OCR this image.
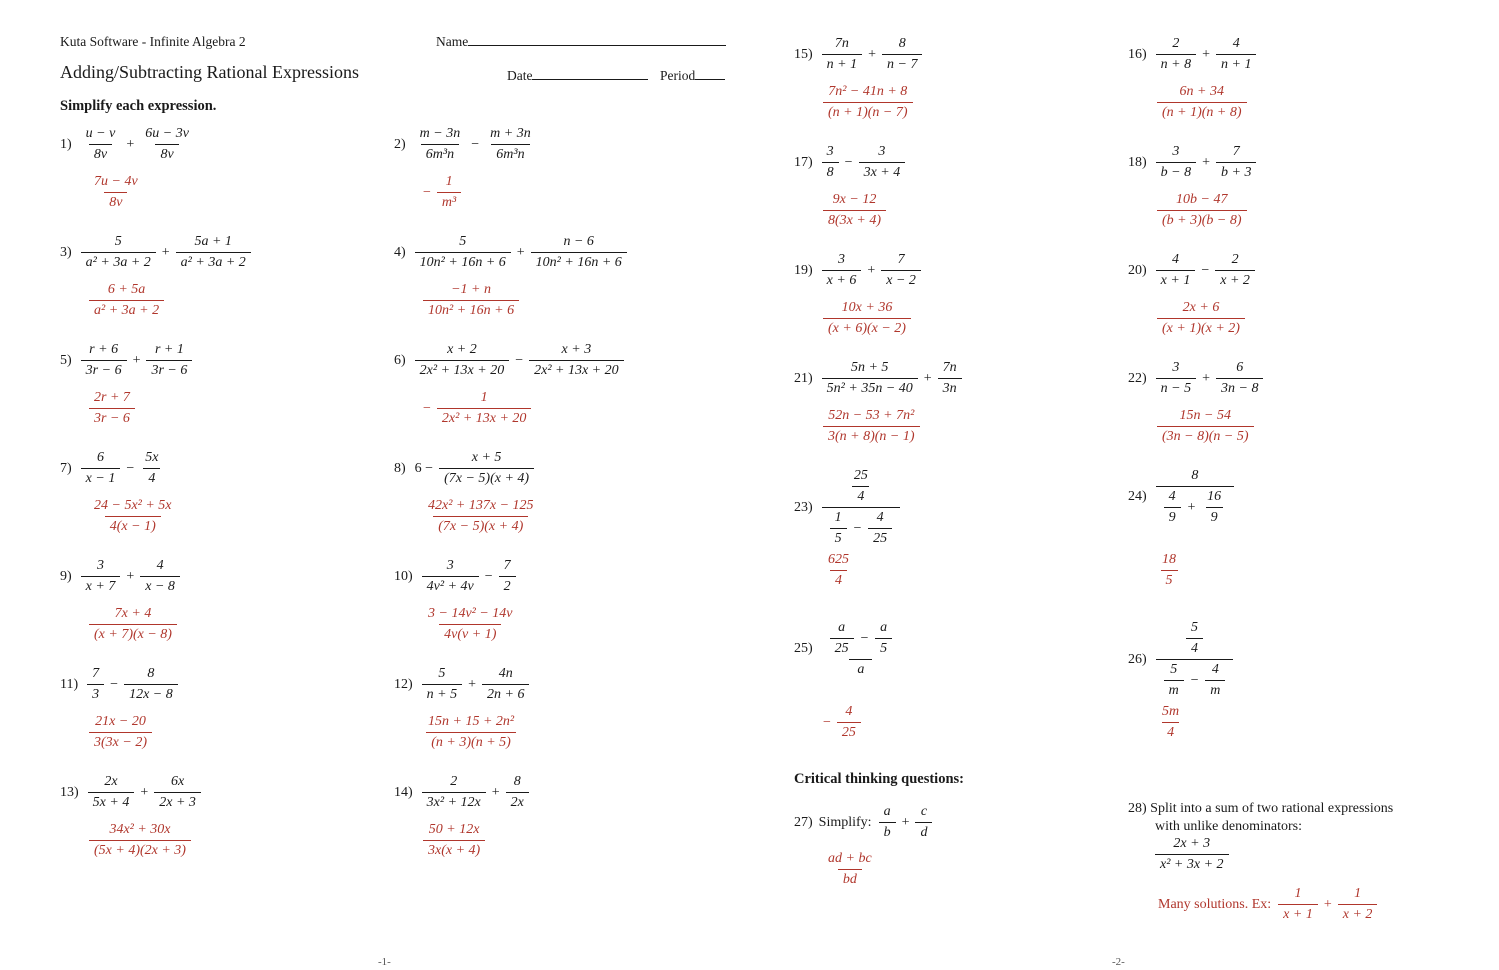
Kuta Software - Infinite Algebra 2	Name
Adding/Subtracting Rational Expressions	Date	Period
Simplify each expression.
$1) \frac{u - v}{8v} + \frac{6u - 3v}{8v}$
$\frac{7u - 4v}{8v}$
$2) \frac{m - 3n}{\text{6m³n}} - \frac{m + 3n}{\text{6m³n}}$
− $\frac{1}{\text{m³}}$
$3) \frac{5}{\text{a² + 3a + 2}} + \frac{5a + 1}{\text{a² + 3a + 2}}$
$\frac{6 + 5a}{\text{a² + 3a + 2}}$
$4) \frac{5}{\text{10n² + 16n + 6}} + \frac{n - 6}{\text{10n² + 16n + 6}}$
$\frac{-1 + n}{\text{10n² + 16n + 6}}$
$5) \frac{r + 6}{3r - 6} + \frac{r + 1}{3r - 6}$
$\frac{2r + 7}{3r - 6}$
$6) \frac{x + 2}{\text{2x² + 13x + 20}} - \frac{x + 3}{\text{2x² + 13x + 20}}$
− $\frac{1}{\text{2x² + 13x + 20}}$
$7) \frac{6}{x - 1} - \frac{5x}{4}$
$\frac{\text{24 − 5x² + 5x}}{4(x - 1)}$
8) $6 - \frac{x + 5}{(7x - 5)(x + 4)}$
$\frac{\text{42x² + 137x − 125}}{(7x - 5)(x + 4)}$
$9) \frac{3}{x + 7} + \frac{4}{x - 8}$
$\frac{7x + 4}{(x + 7)(x - 8)}$
$10) \frac{3}{\text{4v² + 4v}} - \frac{7}{2}$
$\frac{\text{3 − 14v² − 14v}}{4v(v + 1)}$
$11) \frac{7}{3} - \frac{8}{12x - 8}$
$\frac{21x - 20}{3(3x - 2)}$
$12) \frac{5}{n + 5} + \frac{4n}{2n + 6}$
$\frac{\text{15n + 15 + 2n²}}{(n + 3)(n + 5)}$
$13) \frac{2x}{5x + 4} + \frac{6x}{2x + 3}$
$\frac{\text{34x² + 30x}}{(5x + 4)(2x + 3)}$
$14) \frac{2}{\text{3x² + 12x}} + \frac{8}{2x}$
$\frac{50 + 12x}{3x(x + 4)}$
$15) \frac{7n}{n + 1} + \frac{8}{n - 7}$
$\frac{\text{7n² − 41n + 8}}{(n + 1)(n - 7)}$
$16) \frac{2}{n + 8} + \frac{4}{n + 1}$
$\frac{6n + 34}{(n + 1)(n + 8)}$
$17) \frac{3}{8} - \frac{3}{3x + 4}$
$\frac{9x - 12}{8(3x + 4)}$
$18) \frac{3}{b - 8} + \frac{7}{b + 3}$
$\frac{10b - 47}{(b + 3)(b - 8)}$
$19) \frac{3}{x + 6} + \frac{7}{x - 2}$
$\frac{10x + 36}{(x + 6)(x - 2)}$
$20) \frac{4}{x + 1} - \frac{2}{x + 2}$
$\frac{2x + 6}{(x + 1)(x + 2)}$
$21) \frac{5n + 5}{\text{5n² + 35n − 40}} + \frac{7n}{3n}$
$\frac{\text{52n − 53 + 7n²}}{3(n + 8)(n - 1)}$
$22) \frac{3}{n - 5} + \frac{6}{3n - 8}$
$\frac{15n - 54}{(3n - 8)(n - 5)}$
$23) \frac{\frac{25}{4}}{\frac{1}{5} - \frac{4}{25}}$
$\frac{625}{4}$
$24) \frac{8}{\frac{4}{9} + \frac{16}{9}}$
$\frac{18}{5}$
$25) \frac{\frac{a}{25} - \frac{a}{5}}{a}$
− $\frac{4}{25}$
$26) \frac{\frac{5}{4}}{\frac{5}{m} - \frac{4}{m}}$
$\frac{5m}{4}$
Critical thinking questions:
27) Simplify: $\frac{a}{b} + \frac{c}{d}$
$\frac{ad + bc}{bd}$
28) Split into a sum of two rational expressions
with unlike denominators:
$\frac{2x + 3}{\text{x² + 3x + 2}}$
Many solutions. Ex: $\frac{1}{x + 1} + \frac{1}{x + 2}$
-1-	-2-
